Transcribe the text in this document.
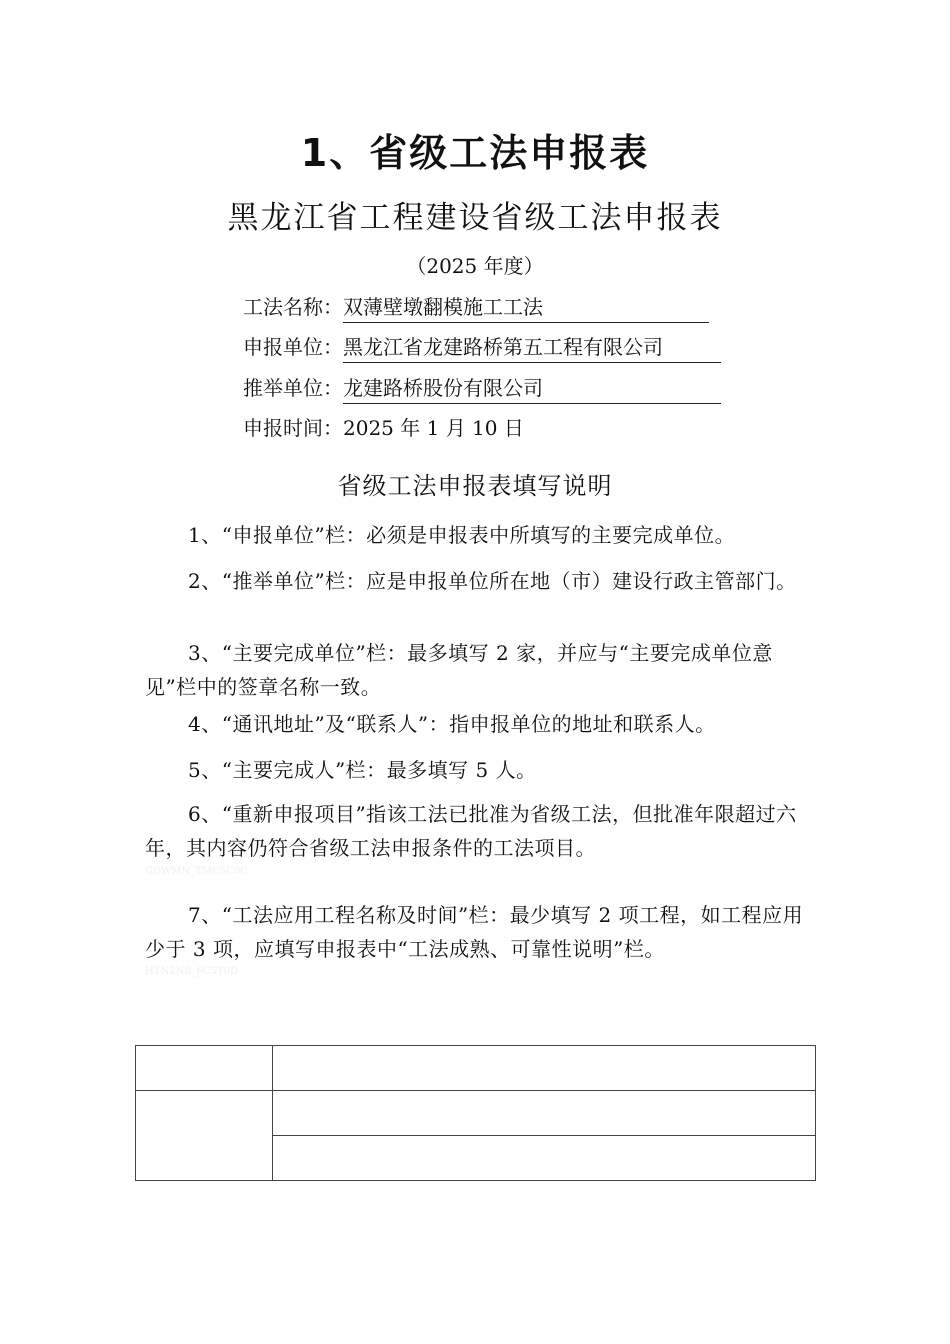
1、省级工法申报表
黑龙江省工程建设省级工法申报表
（2025 年度）
工法名称：双薄壁墩翻模施工工法
申报单位：黑龙江省龙建路桥第五工程有限公司
推举单位：龙建路桥股份有限公司
申报时间：2025 年 1 月 10 日
省级工法申报表填写说明
1、“申报单位”栏：必须是申报表中所填写的主要完成单位。
2、“推举单位”栏：应是申报单位所在地（市）建设行政主管部门。
3、“主要完成单位”栏：最多填写 2 家，并应与“主要完成单位意见”栏中的签章名称一致。
4、“通讯地址”及“联系人”：指申报单位的地址和联系人。
5、“主要完成人”栏：最多填写 5 人。
6、“重新申报项目”指该工法已批准为省级工法，但批准年限超过六年，其内容仍符合省级工法申报条件的工法项目。
GDWMN_TMC5C0C
7、“工法应用工程名称及时间”栏：最少填写 2 项工程，如工程应用少于 3 项，应填写申报表中“工法成熟、可靠性说明”栏。
HTN2NB_6C5T0D
